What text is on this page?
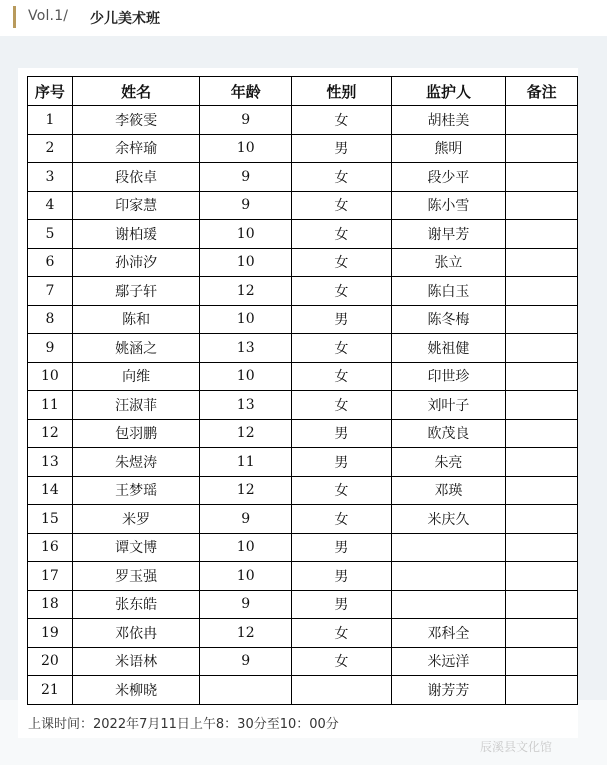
Vol.1/ 少儿美术班
序号	姓名	年龄	性别	监护人	备注
1	李筱雯	9	女	胡桂美	
2	余梓瑜	10	男	熊明	
3	段依卓	9	女	段少平	
4	印家慧	9	女	陈小雪	
5	谢柏瑗	10	女	谢早芳	
6	孙沛汐	10	女	张立	
7	鄢子轩	12	女	陈白玉	
8	陈和	10	男	陈冬梅	
9	姚涵之	13	女	姚祖健	
10	向维	10	女	印世珍	
11	汪淑菲	13	女	刘叶子	
12	包羽鹏	12	男	欧茂良	
13	朱煜涛	11	男	朱亮	
14	王梦瑶	12	女	邓瑛	
15	米罗	9	女	米庆久	
16	谭文博	10	男		
17	罗玉强	10	男		
18	张东皓	9	男		
19	邓依冉	12	女	邓科全	
20	米语林	9	女	米远洋	
21	米柳晓			谢芳芳	
辰溪县文化馆
上课时间：2022年7月11日上午8：30分至10：00分
